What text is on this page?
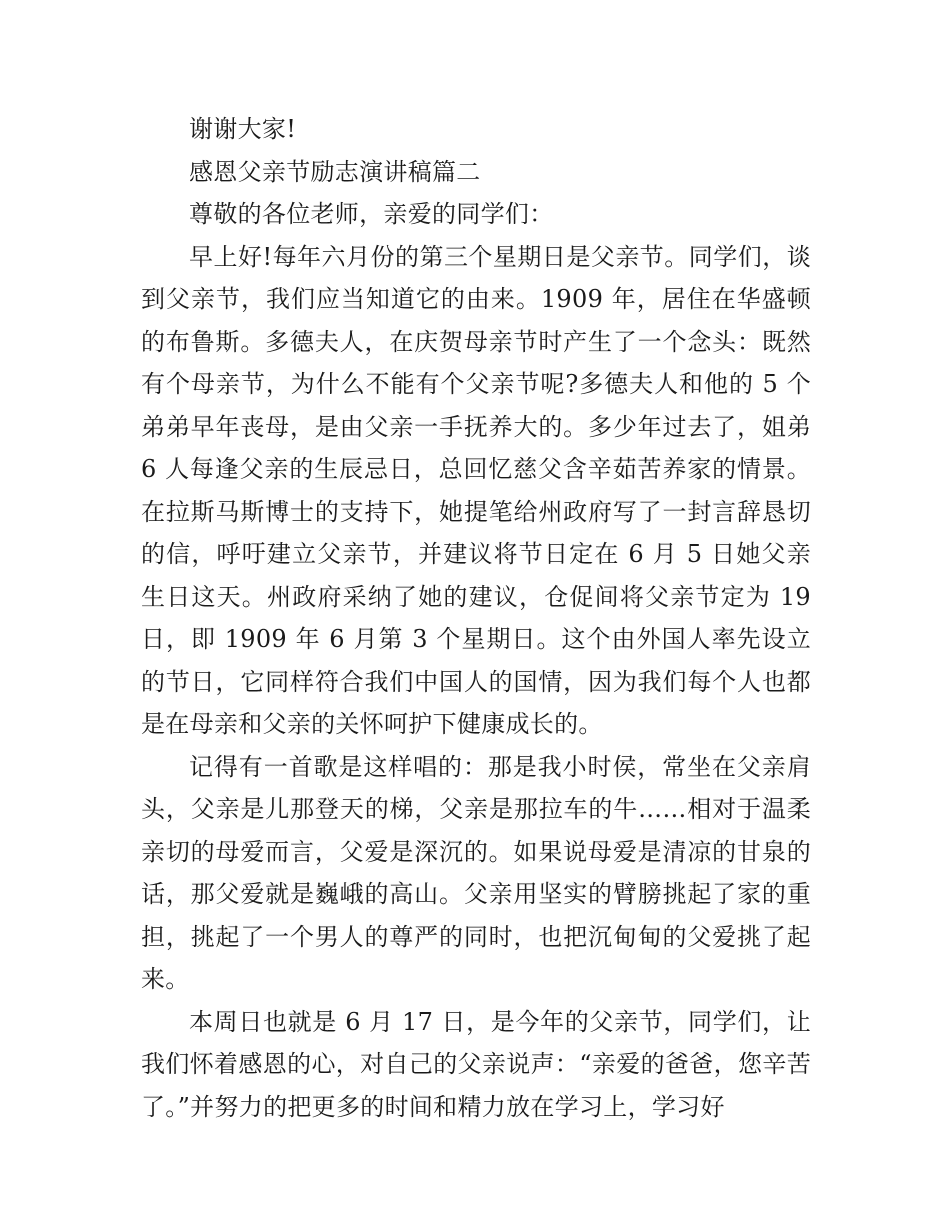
谢谢大家!

感恩父亲节励志演讲稿篇二

尊敬的各位老师，亲爱的同学们：

早上好!每年六月份的第三个星期日是父亲节。同学们，谈到父亲节，我们应当知道它的由来。1909 年，居住在华盛顿的布鲁斯。多德夫人，在庆贺母亲节时产生了一个念头：既然有个母亲节，为什么不能有个父亲节呢?多德夫人和他的 5 个弟弟早年丧母，是由父亲一手抚养大的。多少年过去了，姐弟 6 人每逢父亲的生辰忌日，总回忆慈父含辛茹苦养家的情景。在拉斯马斯博士的支持下，她提笔给州政府写了一封言辞恳切的信，呼吁建立父亲节，并建议将节日定在 6 月 5 日她父亲生日这天。州政府采纳了她的建议，仓促间将父亲节定为 19 日，即 1909 年 6 月第 3 个星期日。这个由外国人率先设立的节日，它同样符合我们中国人的国情，因为我们每个人也都是在母亲和父亲的关怀呵护下健康成长的。

记得有一首歌是这样唱的：那是我小时侯，常坐在父亲肩头，父亲是儿那登天的梯，父亲是那拉车的牛……相对于温柔亲切的母爱而言，父爱是深沉的。如果说母爱是清凉的甘泉的话，那父爱就是巍峨的高山。父亲用坚实的臂膀挑起了家的重担，挑起了一个男人的尊严的同时，也把沉甸甸的父爱挑了起来。

本周日也就是 6 月 17 日，是今年的父亲节，同学们，让我们怀着感恩的心，对自己的父亲说声：“亲爱的爸爸，您辛苦了。”并努力的把更多的时间和精力放在学习上，学习好
